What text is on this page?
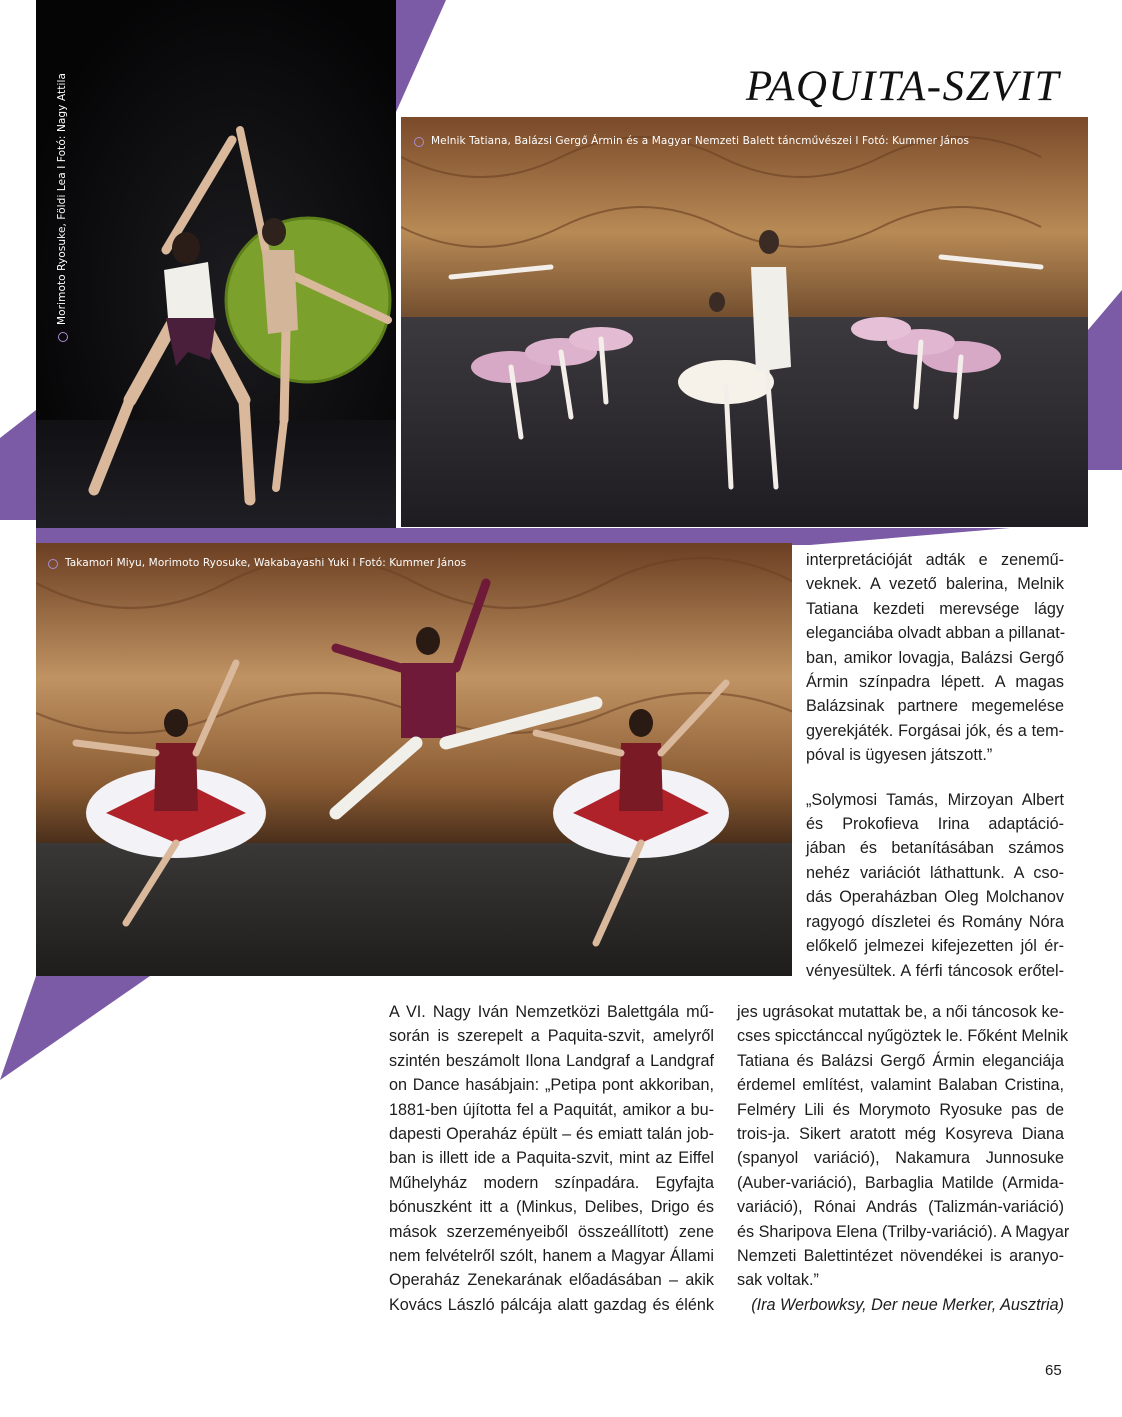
Morimoto Ryosuke, Földi Lea I Fotó: Nagy Attila	Melnik Tatiana, Balázsi Gergő Ármin és a Magyar Nemzeti Balett táncművészei I Fotó: Kummer János
Takamori Miyu, Morimoto Ryosuke, Wakabayashi Yuki I Fotó: Kummer János
PAQUITA-SZVIT
interpretációját adták e zenemű-
veknek. A vezető balerina, Melnik
Tatiana kezdeti merevsége lágy
eleganciába olvadt abban a pillanat-
ban, amikor lovagja, Balázsi Gergő
Ármin színpadra lépett. A magas
Balázsinak partnere megemelése
gyerekjáték. Forgásai jók, és a tem-
póval is ügyesen játszott.”
„Solymosi Tamás, Mirzoyan Albert
és Prokofieva Irina adaptáció-
jában és betanításában számos
nehéz variációt láthattunk. A cso-
dás Operaházban Oleg Molchanov
ragyogó díszletei és Romány Nóra
előkelő jelmezei kifejezetten jól ér-
vényesültek. A férfi táncosok erőtel-
jes ugrásokat mutattak be, a női táncosok ke-
cses spicctánccal nyűgöztek le. Főként Melnik
Tatiana és Balázsi Gergő Ármin eleganciája
érdemel említést, valamint Balaban Cristina,
Felméry Lili és Morymoto Ryosuke pas de
trois-ja. Sikert aratott még Kosyreva Diana
(spanyol variáció), Nakamura Junnosuke
(Auber-variáció), Barbaglia Matilde (Armida-
variáció), Rónai András (Talizmán-variáció)
és Sharipova Elena (Trilby-variáció). A Magyar
Nemzeti Balettintézet növendékei is aranyo-
sak voltak.”
(Ira Werbowksy, Der neue Merker, Ausztria)
A VI. Nagy Iván Nemzetközi Balettgála mű-
során is szerepelt a Paquita-szvit, amelyről
szintén beszámolt Ilona Landgraf a Landgraf
on Dance hasábjain: „Petipa pont akkoriban,
1881-ben újította fel a Paquitát, amikor a bu-
dapesti Operaház épült – és emiatt talán job-
ban is illett ide a Paquita-szvit, mint az Eiffel
Műhelyház modern színpadára. Egyfajta
bónuszként itt a (Minkus, Delibes, Drigo és
mások szerzeményeiből összeállított) zene
nem felvételről szólt, hanem a Magyar Állami
Operaház Zenekarának előadásában – akik
Kovács László pálcája alatt gazdag és élénk
65
